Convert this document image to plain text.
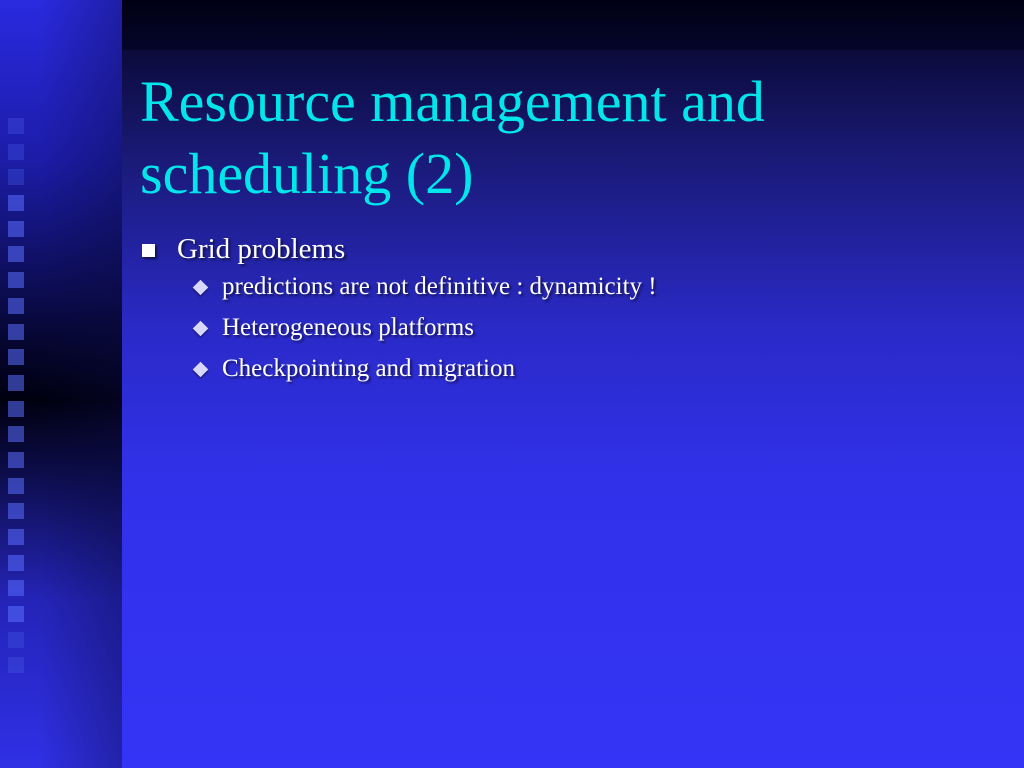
Resource management and scheduling (2)
Grid problems
predictions are not definitive : dynamicity !
Heterogeneous platforms
Checkpointing and migration
